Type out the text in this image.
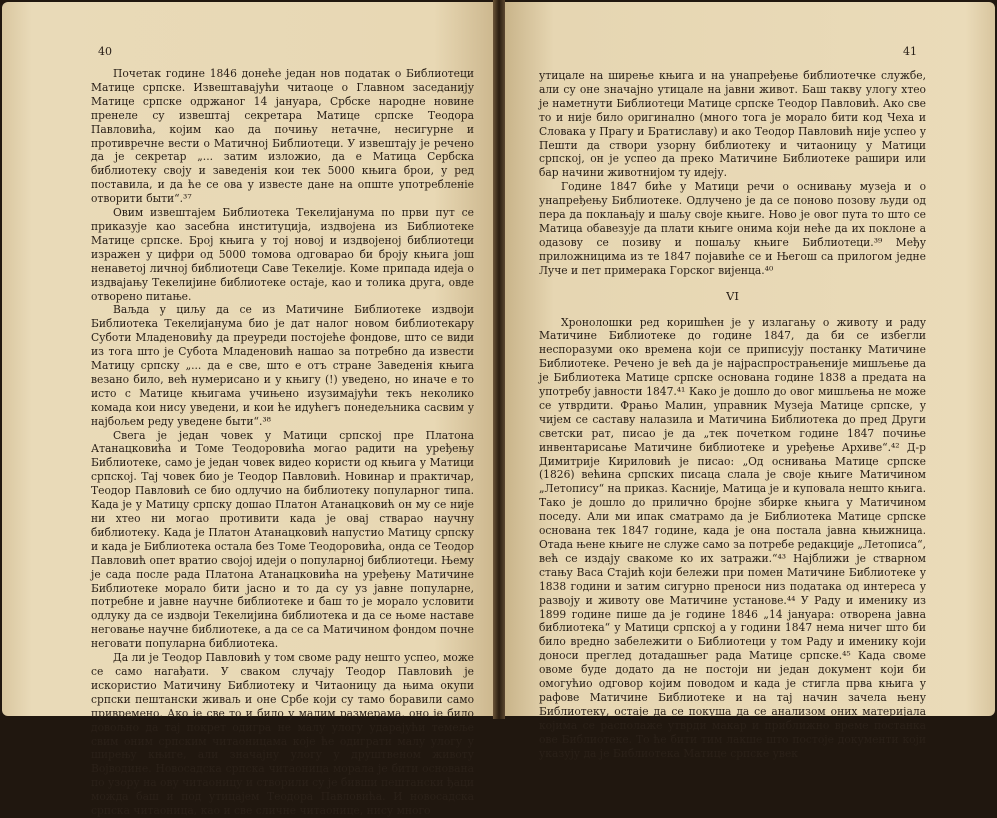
40

Почетак године 1846 донеће један нов податак о Библиотеци Матице српске. Извештавајући читаоце о Главном заседанију Матице српске одржаног 14 јануара, Србске народне новине пренеле су извештај секретара Матице српске Теодора Павловића, којим као да почињу нетачне, несигурне и противречне вести о Матичној Библиотеци. У извештају је речено да је секретар „... затим изложио, да е Матица Сербска библиотеку своју и заведенія кои тек 5000 књига брои, у ред поставила, и да ће се ова у известе дане на опште употребленіе отворити быти“.³⁷

Овим извештајем Библиотека Текелијанума по први пут се приказује као засебна институција, издвојена из Библиотеке Матице српске. Број књига у тој новој и издвојеној библиотеци изражен у цифри од 5000 томова одговарао би броју књига још ненаветој личној библиотеци Саве Текелије. Коме припада идеја о издвајању Текелијине библиотеке остаје, као и толика друга, овде отворено питање.

Ваљда у циљу да се из Матичине Библиотеке издвоји Библиотека Текелијанума био је дат налог новом библиотекару Суботи Младеновићу да преуреди постојеће фондове, што се види из тога што је Субота Младеновић нашао за потребно да извести Матицу српску „... да е све, што е отъ стране Заведенія књига везано било, већ нумерисано и у књигу (!) уведено, но иначе е то исто с Матице књигама учињено изузимајући текъ неколико комада кои нису уведени, и кои ће идућегъ понедељника сасвим у најбољем реду уведене быти“.³⁸

Свега је један човек у Матици српској пре Платона Атанацковића и Томе Теодоровића могао радити на уређењу Библиотеке, само је један човек видео користи од књига у Матици српској. Тај човек био је Теодор Павловић. Новинар и практичар, Теодор Павловић се био одлучио на библиотеку популарног типа. Када је у Матицу српску дошао Платон Атанацковић он му се није ни хтео ни могао противити када је овај стварао научну библиотеку. Када је Платон Атанацковић напустио Матицу српску и када је Библиотека остала без Томе Теодоровића, онда се Теодор Павловић опет вратио својој идеји о популарној библиотеци. Њему је сада после рада Платона Атанацковића на уређењу Матичине Библиотеке морало бити јасно и то да су уз јавне популарне, потребне и јавне научне библиотеке и баш то је морало условити одлуку да се издвоји Текелијина библиотека и да се њоме наставе неговање научне библиотеке, а да се са Матичином фондом почне неговати популарна библиотека.

Да ли је Теодор Павловић у том своме раду нешто успео, може се само нагађати. У сваком случају Теодор Павловић је искористио Матичину Библиотеку и Читаоницу да њима окупи српски пештански живаљ и оне Србе који су тамо боравили само привремено. Ако је све то и било у малим размерама, оно је било довољно да тај покрет одигра не малу улогу ударајући темеље свим оним српским читаоницама које ће одиграти малу улогу у ширењу књиге, али значајну улогу у друштвеном животу Војводине. Новосадска српска читаоница морала је бити основана по узору на ову читаоницу и створили су је бивши пештански ђаци можда баш и под утицајем Теодора Павловића. И новосадска српска читаоница, као и све сличне читаонице, нису много

41

утицале на ширење књига и на унапређење библиотечке службе, али су оне значајно утицале на јавни живот. Баш такву улогу хтео је наметнути Библиотеци Матице српске Теодор Павловић. Ако све то и није било оригинално (много тога је морало бити код Чеха и Словака у Прагу и Братиславу) и ако Теодор Павловић није успео у Пешти да створи узорну библиотеку и читаоницу у Матици српској, он је успео да преко Матичине Библиотеке рашири или бар начини животнијом ту идеју.

Године 1847 биће у Матици речи о оснивању музеја и о унапређењу Библиотеке. Одлучено је да се поново позову људи од пера да поклањају и шаљу своје књиге. Ново је овог пута то што се Матица обавезује да плати књиге онима који неће да их поклоне а одазову се позиву и пошаљу књиге Библиотеци.³⁹ Међу приложницима из те 1847 појавиће се и Његош са прилогом једне Луче и пет примерака Горског вијенца.⁴⁰

VI

Хронолошки ред коришћен је у излагању о животу и раду Матичине Библиотеке до године 1847, да би се избегли неспоразуми око времена који се приписују постанку Матичине Библиотеке. Речено је већ да је најраспрострањеније мишљење да је Библиотека Матице српске основана године 1838 а предата на употребу јавности 1847.⁴¹ Како је дошло до овог мишљења не може се утврдити. Фрањо Малин, управник Музеја Матице српске, у чијем се саставу налазила и Матичина Библиотека до пред Други светски рат, писао је да „тек почетком године 1847 почиње инвентарисање Матичине библиотеке и уређење Архиве“.⁴² Д-р Димитрије Кириловић је писао: „Од оснивања Матице српске (1826) већина српских писаца слала је своје књиге Матичином „Летопису“ на приказ. Касније, Матица је и куповала нешто књига. Тако је дошло до прилично бројне збирке књига у Матичином поседу. Али ми ипак сматрамо да је Библиотека Матице српске основана тек 1847 године, када је она постала јавна књижница. Отада њене књиге не служе само за потребе редакције „Летописа“, већ се издају свакоме ко их затражи.“⁴³ Најближи је стварном стању Васа Стајић који бележи при помен Матичине Библиотеке у 1838 години и затим сигурно преноси низ података од интереса у развоју и животу ове Матичине установе.⁴⁴ У Раду и именику из 1899 године пише да је године 1846 „14 јануара: отворена јавна библиотека“ у Матици српској а у години 1847 нема ничег што би било вредно забележити о Библиотеци у том Раду и именику који доноси преглед дотадашњег рада Матице српске.⁴⁵ Када своме овоме буде додато да не постоји ни један документ који би омогућио одговор којим поводом и када је стигла прва књига у рафове Матичине Библиотеке и на тај начин зачела њену Библиотеку, остаје да се покуша да се анализом оних материјала којима се располаже утврди макар и приближно време постанка ове Библиотеке. То ће бити тим лакше што постоје документи који указују да је Библиотека Матице српске увек
